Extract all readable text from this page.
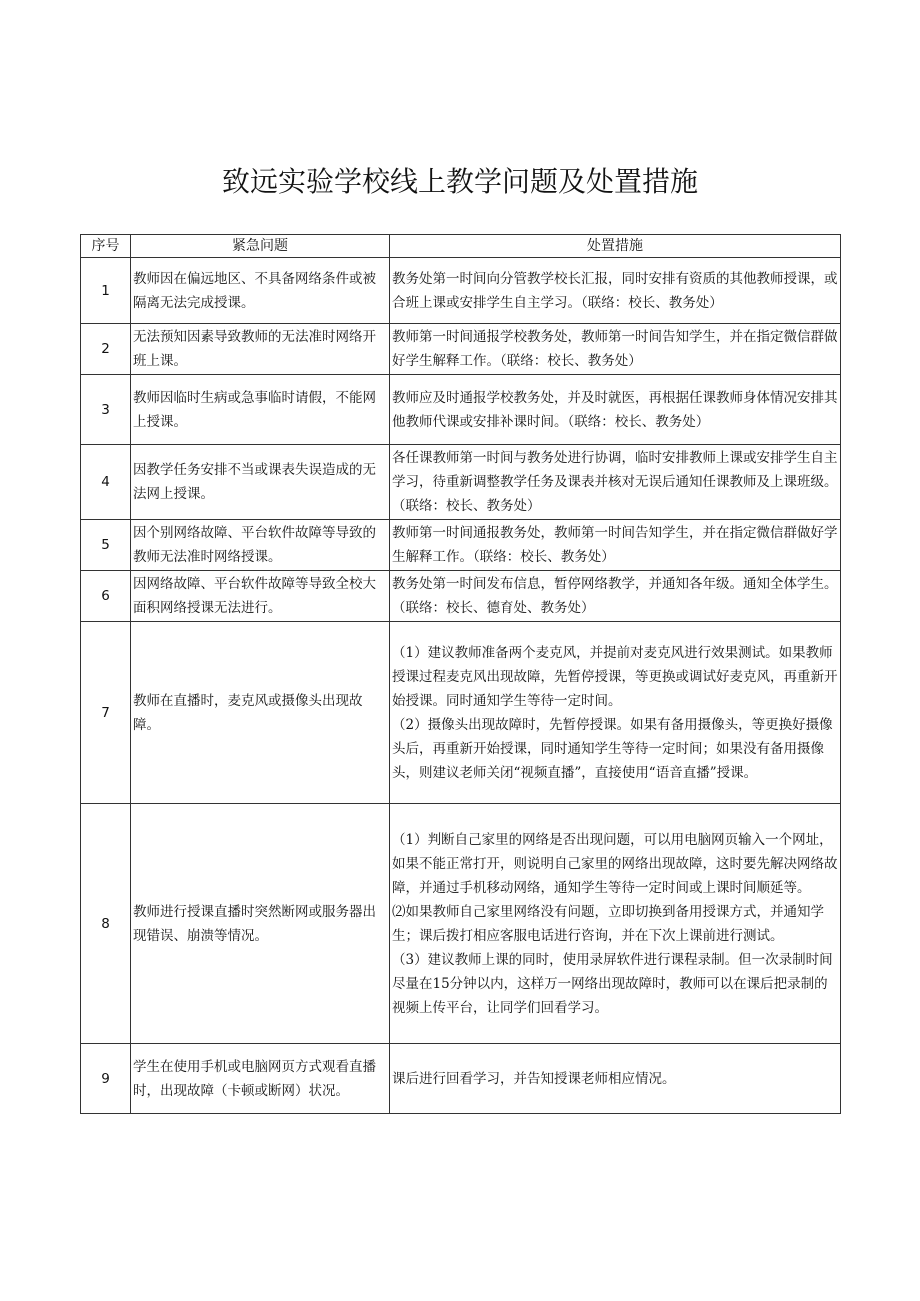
致远实验学校线上教学问题及处置措施
序号	紧急问题	处置措施
1	教师因在偏远地区、不具备网络条件或被隔离无法完成授课。	教务处第一时间向分管教学校长汇报，同时安排有资质的其他教师授课，或合班上课或安排学生自主学习。（联络：校长、教务处）

2	无法预知因素导致教师的无法准时网络开班上课。	教师第一时间通报学校教务处，教师第一时间告知学生，并在指定微信群做好学生解释工作。（联络：校长、教务处）

3	教师因临时生病或急事临时请假，不能网上授课。	教师应及时通报学校教务处，并及时就医，再根据任课教师身体情况安排其他教师代课或安排补课时间。（联络：校长、教务处）

4	因教学任务安排不当或课表失误造成的无法网上授课。	各任课教师第一时间与教务处进行协调，临时安排教师上课或安排学生自主学习，待重新调整教学任务及课表并核对无误后通知任课教师及上课班级。（联络：校长、教务处）

5	因个别网络故障、平台软件故障等导致的教师无法准时网络授课。	教师第一时间通报教务处，教师第一时间告知学生，并在指定微信群做好学生解释工作。（联络：校长、教务处）

6	因网络故障、平台软件故障等导致全校大面积网络授课无法进行。	教务处第一时间发布信息，暂停网络教学，并通知各年级。通知全体学生。（联络：校长、德育处、教务处）

7	教师在直播时，麦克风或摄像头出现故障。	（1）建议教师准备两个麦克风，并提前对麦克风进行效果测试。如果教师授课过程麦克风出现故障，先暂停授课，等更换或调试好麦克风，再重新开始授课。同时通知学生等待一定时间。
（2）摄像头出现故障时，先暂停授课。如果有备用摄像头，等更换好摄像头后，再重新开始授课，同时通知学生等待一定时间；如果没有备用摄像头，则建议老师关闭“视频直播”，直接使用“语音直播”授课。

8	教师进行授课直播时突然断网或服务器出现错误、崩溃等情况。	（1）判断自己家里的网络是否出现问题，可以用电脑网页输入一个网址，如果不能正常打开，则说明自己家里的网络出现故障，这时要先解决网络故障，并通过手机移动网络，通知学生等待一定时间或上课时间顺延等。
⑵如果教师自己家里网络没有问题，立即切换到备用授课方式，并通知学生；课后拨打相应客服电话进行咨询，并在下次上课前进行测试。
（3）建议教师上课的同时，使用录屏软件进行课程录制。但一次录制时间尽量在15分钟以内，这样万一网络出现故障时，教师可以在课后把录制的视频上传平台，让同学们回看学习。

9	学生在使用手机或电脑网页方式观看直播时，出现故障（卡顿或断网）状况。	课后进行回看学习，并告知授课老师相应情况。
